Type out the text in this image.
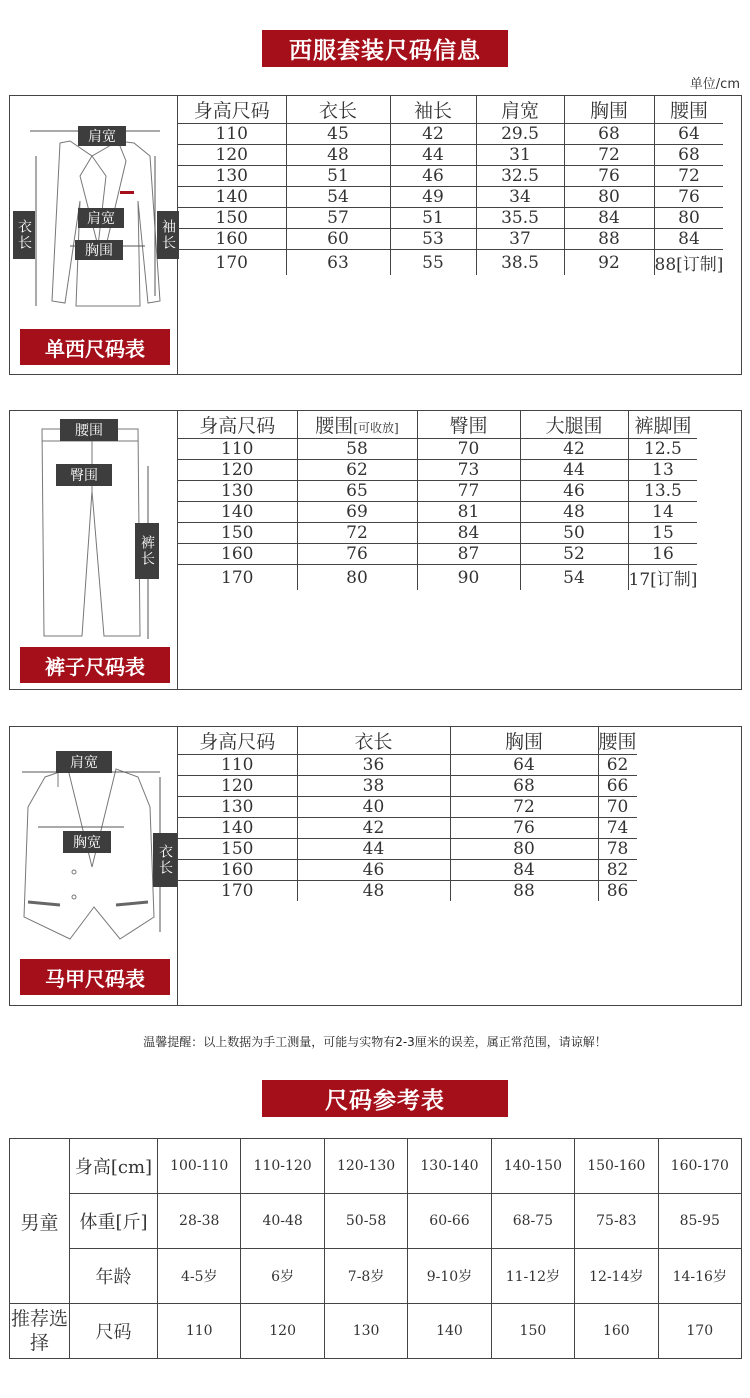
西服套装尺码信息
单位/cm
肩宽
衣长	袖长
肩宽
胸围
单西尺码表
身高尺码	衣长	袖长	肩宽	胸围	腰围
110	45	42	29.5	68	64
120	48	44	31	72	68
130	51	46	32.5	76	72
140	54	49	34	80	76
150	57	51	35.5	84	80
160	60	53	37	88	84
170	63	55	38.5	92	88[订制]
腰围
臀围
裤长
裤子尺码表
身高尺码	腰围[可收放]	臀围	大腿围	裤脚围
110	58	70	42	12.5
120	62	73	44	13
130	65	77	46	13.5
140	69	81	48	14
150	72	84	50	15
160	76	87	52	16
170	80	90	54	17[订制]
肩宽
胸宽
衣长
马甲尺码表
身高尺码	衣长	胸围	腰围
110	36	64	62
120	38	68	66
130	40	72	70
140	42	76	74
150	44	80	78
160	46	84	82
170	48	88	86
温馨提醒：以上数据为手工测量，可能与实物有2-3厘米的误差，属正常范围，请谅解！
尺码参考表
男童	身高[cm]	100-110	110-120	120-130	130-140	140-150	150-160	160-170
	体重[斤]	28-38	40-48	50-58	60-66	68-75	75-83	85-95
	年龄	4-5岁	6岁	7-8岁	9-10岁	11-12岁	12-14岁	14-16岁
推荐选择	尺码	110	120	130	140	150	160	170
